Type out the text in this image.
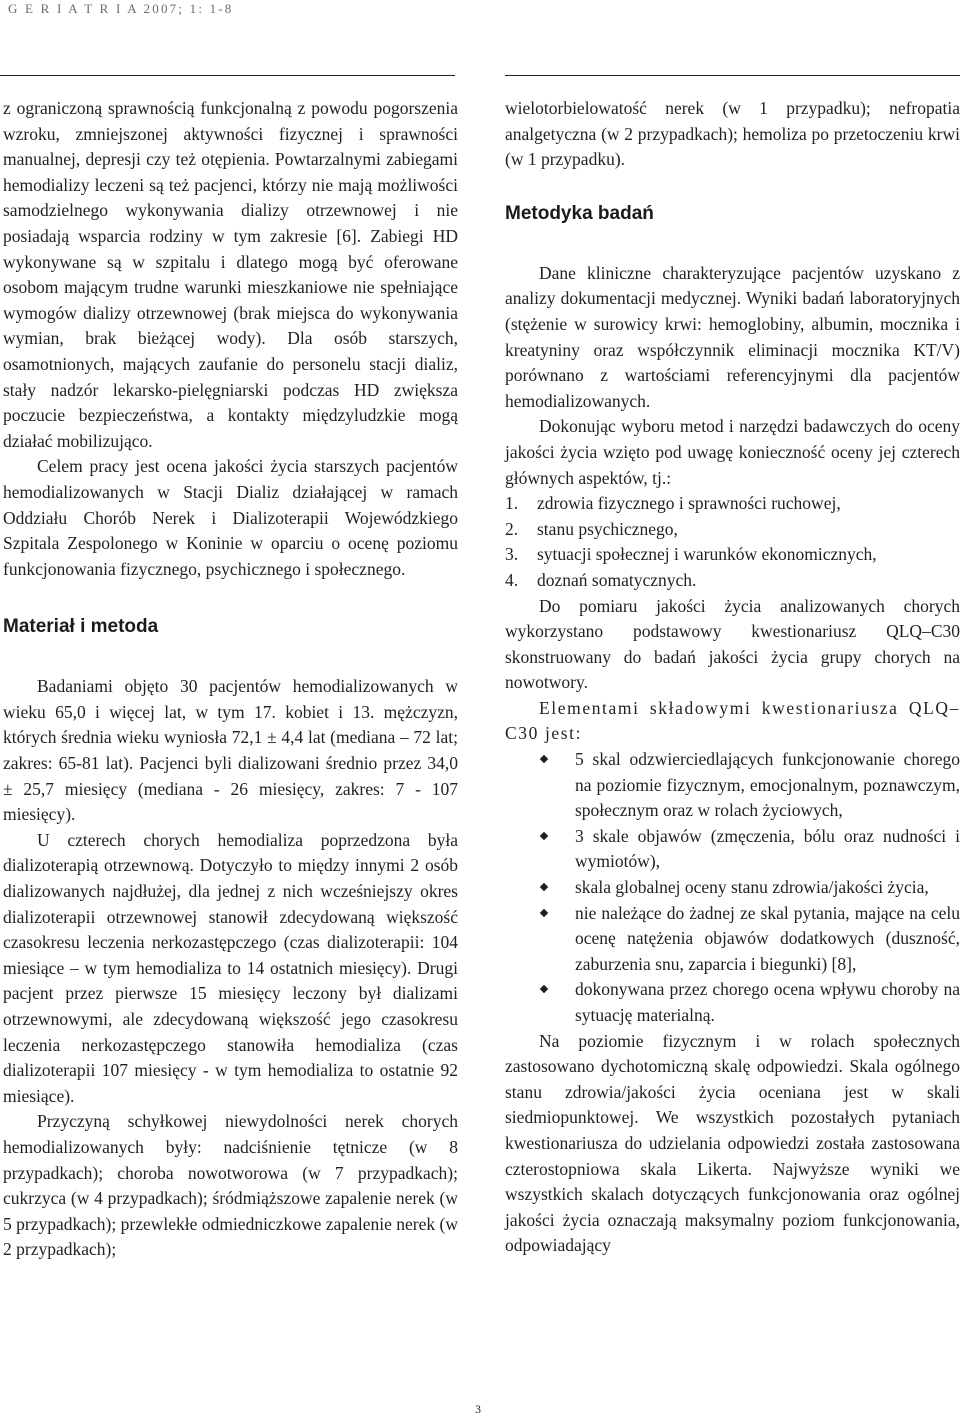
G E R I A T R I A 2007; 1: 1-8

z ograniczoną sprawnością funkcjonalną z powodu pogorszenia wzroku, zmniejszonej aktywności fizycznej i sprawności manualnej, depresji czy też otępienia. Powtarzalnymi zabiegami hemodializy leczeni są też pacjenci, którzy nie mają możliwości samodzielnego wykonywania dializy otrzewnowej i nie posiadają wsparcia rodziny w tym zakresie [6]. Zabiegi HD wykonywane są w szpitalu i dlatego mogą być oferowane osobom mającym trudne warunki mieszkaniowe nie spełniające wymogów dializy otrzewnowej (brak miejsca do wykonywania wymian, brak bieżącej wody). Dla osób starszych, osamotnionych, mających zaufanie do personelu stacji dializ, stały nadzór lekarsko-pielęgniarski podczas HD zwiększa poczucie bezpieczeństwa, a kontakty międzyludzkie mogą działać mobilizująco.

Celem pracy jest ocena jakości życia starszych pacjentów hemodializowanych w Stacji Dializ działającej w ramach Oddziału Chorób Nerek i Dializoterapii Wojewódzkiego Szpitala Zespolonego w Koninie w oparciu o ocenę poziomu funkcjonowania fizycznego, psychicznego i społecznego.

Materiał i metoda

Badaniami objęto 30 pacjentów hemodializowanych w wieku 65,0 i więcej lat, w tym 17. kobiet i 13. mężczyzn, których średnia wieku wyniosła 72,1 ± 4,4 lat (mediana – 72 lat; zakres: 65-81 lat). Pacjenci byli dializowani średnio przez 34,0 ± 25,7 miesięcy (mediana - 26 miesięcy, zakres: 7 - 107 miesięcy).

U czterech chorych hemodializa poprzedzona była dializoterapią otrzewnową. Dotyczyło to między innymi 2 osób dializowanych najdłużej, dla jednej z nich wcześniejszy okres dializoterapii otrzewnowej stanowił zdecydowaną większość czasokresu leczenia nerkozastępczego (czas dializoterapii: 104 miesiące – w tym hemodializa to 14 ostatnich miesięcy). Drugi pacjent przez pierwsze 15 miesięcy leczony był dializami otrzewnowymi, ale zdecydowaną większość jego czasokresu leczenia nerkozastępczego stanowiła hemodializa (czas dializoterapii 107 miesięcy - w tym hemodializa to ostatnie 92 miesiące).

Przyczyną schyłkowej niewydolności nerek chorych hemodializowanych były: nadciśnienie tętnicze (w 8 przypadkach); choroba nowotworowa (w 7 przypadkach); cukrzyca (w 4 przypadkach); śródmiąższowe zapalenie nerek (w 5 przypadkach); przewlekłe odmiedniczkowe zapalenie nerek (w 2 przypadkach);

wielotorbielowatość nerek (w 1 przypadku); nefropatia analgetyczna (w 2 przypadkach); hemoliza po przetoczeniu krwi (w 1 przypadku).

Metodyka badań

Dane kliniczne charakteryzujące pacjentów uzyskano z analizy dokumentacji medycznej. Wyniki badań laboratoryjnych (stężenie w surowicy krwi: hemoglobiny, albumin, mocznika i kreatyniny oraz współczynnik eliminacji mocznika KT/V) porównano z wartościami referencyjnymi dla pacjentów hemodializowanych.

Dokonując wyboru metod i narzędzi badawczych do oceny jakości życia wzięto pod uwagę konieczność oceny jej czterech głównych aspektów, tj.:

1. zdrowia fizycznego i sprawności ruchowej,
2. stanu psychicznego,
3. sytuacji społecznej i warunków ekonomicznych,
4. doznań somatycznych.

Do pomiaru jakości życia analizowanych chorych wykorzystano podstawowy kwestionariusz QLQ–C30 skonstruowany do badań jakości życia grupy chorych na nowotwory.

Elementami składowymi kwestionariusza QLQ–C30 jest:

5 skal odzwierciedlających funkcjonowanie chorego na poziomie fizycznym, emocjonalnym, poznawczym, społecznym oraz w rolach życiowych,
3 skale objawów (zmęczenia, bólu oraz nudności i wymiotów),
skala globalnej oceny stanu zdrowia/jakości życia,
nie należące do żadnej ze skal pytania, mające na celu ocenę natężenia objawów dodatkowych (duszność, zaburzenia snu, zaparcia i biegunki) [8],
dokonywana przez chorego ocena wpływu choroby na sytuację materialną.

Na poziomie fizycznym i w rolach społecznych zastosowano dychotomiczną skalę odpowiedzi. Skala ogólnego stanu zdrowia/jakości życia oceniana jest w skali siedmiopunktowej. We wszystkich pozostałych pytaniach kwestionariusza do udzielania odpowiedzi została zastosowana czterostopniowa skala Likerta. Najwyższe wyniki we wszystkich skalach dotyczących funkcjonowania oraz ogólnej jakości życia oznaczają maksymalny poziom funkcjonowania, odpowiadający

3
